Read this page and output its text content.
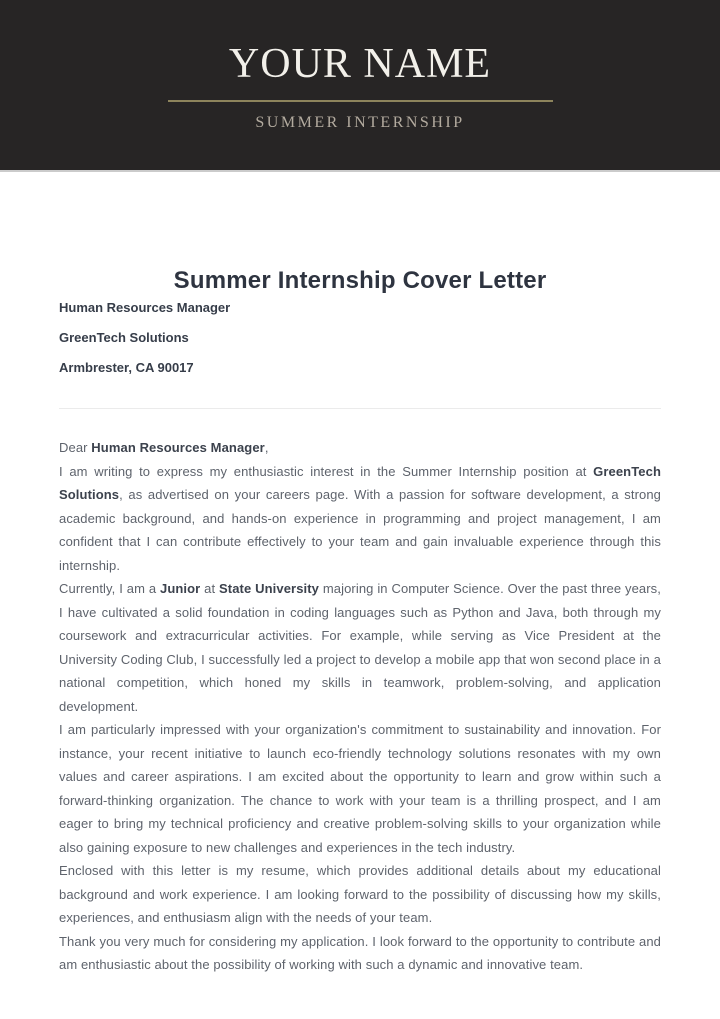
YOUR NAME
SUMMER INTERNSHIP
Summer Internship Cover Letter

Human Resources Manager

GreenTech Solutions

Armbrester, CA 90017

Dear Human Resources Manager,

I am writing to express my enthusiastic interest in the Summer Internship position at GreenTech Solutions, as advertised on your careers page. With a passion for software development, a strong academic background, and hands-on experience in programming and project management, I am confident that I can contribute effectively to your team and gain invaluable experience through this internship.

Currently, I am a Junior at State University majoring in Computer Science. Over the past three years, I have cultivated a solid foundation in coding languages such as Python and Java, both through my coursework and extracurricular activities. For example, while serving as Vice President at the University Coding Club, I successfully led a project to develop a mobile app that won second place in a national competition, which honed my skills in teamwork, problem-solving, and application development.

I am particularly impressed with your organization's commitment to sustainability and innovation. For instance, your recent initiative to launch eco-friendly technology solutions resonates with my own values and career aspirations. I am excited about the opportunity to learn and grow within such a forward-thinking organization. The chance to work with your team is a thrilling prospect, and I am eager to bring my technical proficiency and creative problem-solving skills to your organization while also gaining exposure to new challenges and experiences in the tech industry.

Enclosed with this letter is my resume, which provides additional details about my educational background and work experience. I am looking forward to the possibility of discussing how my skills, experiences, and enthusiasm align with the needs of your team.

Thank you very much for considering my application. I look forward to the opportunity to contribute and am enthusiastic about the possibility of working with such a dynamic and innovative team.
